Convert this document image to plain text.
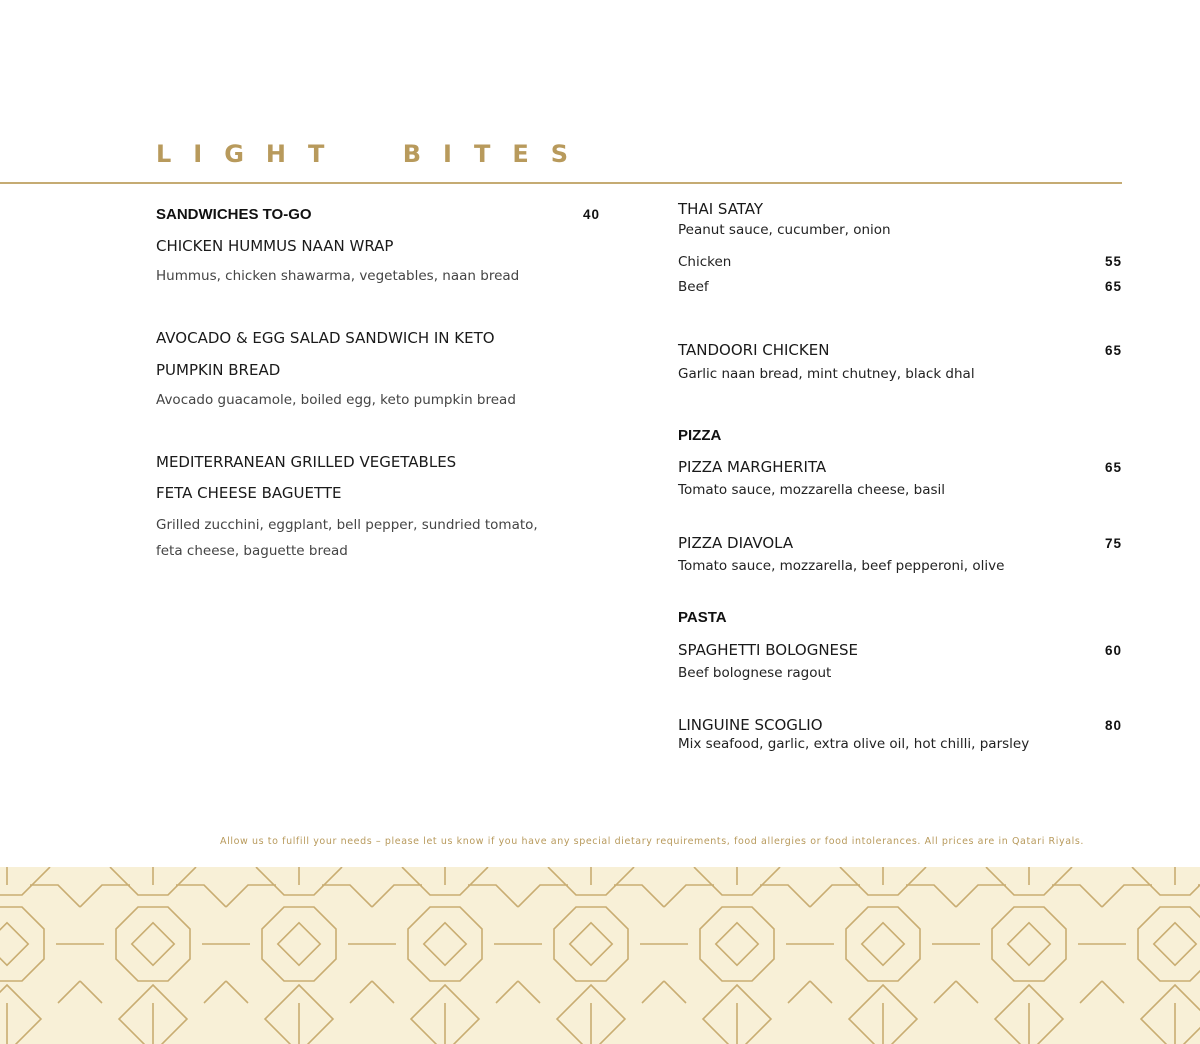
LIGHT BITES
SANDWICHES TO-GO	40
CHICKEN HUMMUS NAAN WRAP
Hummus, chicken shawarma, vegetables, naan bread
AVOCADO & EGG SALAD SANDWICH IN KETO
PUMPKIN BREAD
Avocado guacamole, boiled egg, keto pumpkin bread
MEDITERRANEAN GRILLED VEGETABLES
FETA CHEESE BAGUETTE
Grilled zucchini, eggplant, bell pepper, sundried tomato,
feta cheese, baguette bread
THAI SATAY
Peanut sauce, cucumber, onion
Chicken	55
Beef	65
TANDOORI CHICKEN	65
Garlic naan bread, mint chutney, black dhal
PIZZA
PIZZA MARGHERITA	65
Tomato sauce, mozzarella cheese, basil
PIZZA DIAVOLA	75
Tomato sauce, mozzarella, beef pepperoni, olive
PASTA
SPAGHETTI BOLOGNESE	60
Beef bolognese ragout
LINGUINE SCOGLIO	80
Mix seafood, garlic, extra olive oil, hot chilli, parsley
Allow us to fulfill your needs – please let us know if you have any special dietary requirements, food allergies or food intolerances. All prices are in Qatari Riyals.
